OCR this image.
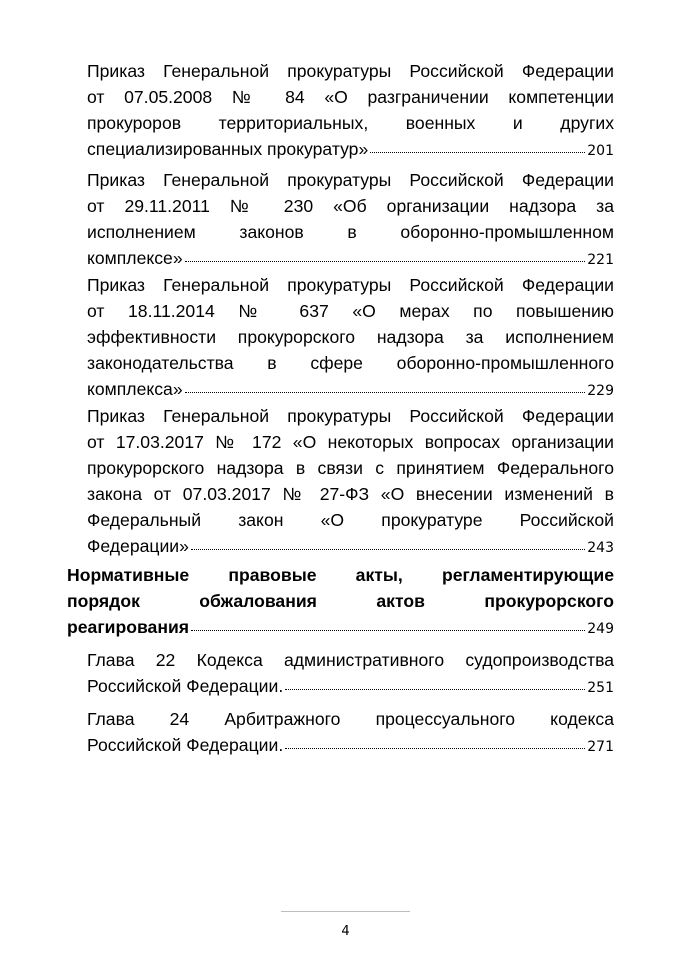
Приказ Генеральной прокуратуры Российской Федерации
от 07.05.2008 № 84 «О разграничении компетенции
прокуроров территориальных, военных и других
специализированных прокуратур»	201
Приказ Генеральной прокуратуры Российской Федерации
от 29.11.2011 № 230 «Об организации надзора за
исполнением законов в оборонно-промышленном
комплексе»	221
Приказ Генеральной прокуратуры Российской Федерации
от 18.11.2014 № 637 «О мерах по повышению
эффективности прокурорского надзора за исполнением
законодательства в сфере оборонно-промышленного
комплекса»	229
Приказ Генеральной прокуратуры Российской Федерации
от 17.03.2017 № 172 «О некоторых вопросах организации
прокурорского надзора в связи с принятием Федерального
закона от 07.03.2017 № 27-ФЗ «О внесении изменений в
Федеральный закон «О прокуратуре Российской
Федерации»	243
Нормативные правовые акты, регламентирующие
порядок обжалования актов прокурорского
реагирования	249
Глава 22 Кодекса административного судопроизводства
Российской Федерации.	251
Глава 24 Арбитражного процессуального кодекса
Российской Федерации.	271
4
